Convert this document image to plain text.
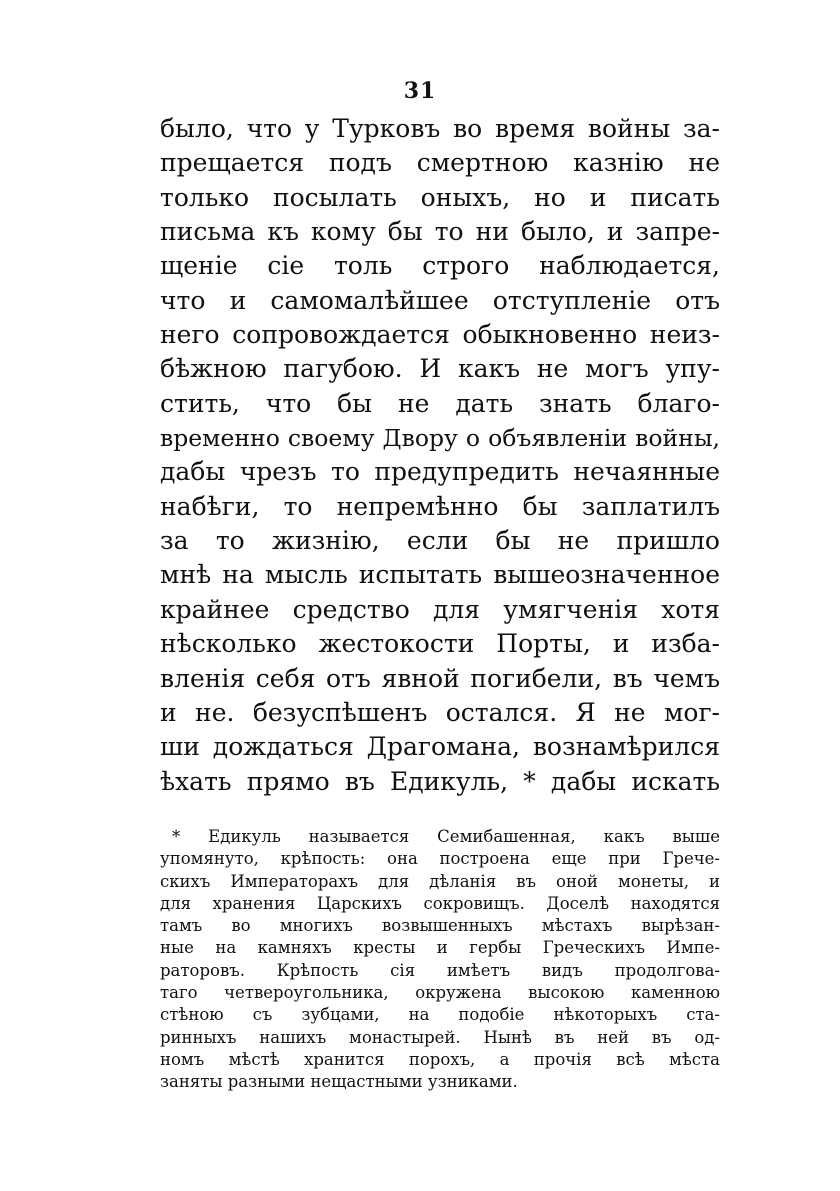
31
было, что у Турковъ во время войны за-
прещается подъ смертною казнію не
только посылать оныхъ, но и писать
письма къ кому бы то ни было, и запре-
щеніе сіе толь строго наблюдается,
что и самомалѣйшее отступленіе отъ
него сопровождается обыкновенно неиз-
бѣжною пагубою. И какъ не могъ упу-
стить, что бы не дать знать благо-
временно своему Двору о объявленіи войны,
дабы чрезъ то предупредить нечаянные
набѣги, то непремѣнно бы заплатилъ
за то жизнію, если бы не пришло
мнѣ на мысль испытать вышеозначенное
крайнее средство для умягченія хотя
нѣсколько жестокости Порты, и изба-
вленія себя отъ явной погибели, въ чемъ
и не. безуспѣшенъ остался. Я не мог-
ши дождаться Драгомана, вознамѣрился
ѣхать прямо въ Едикуль, * дабы искать
* Едикуль называется Семибашенная, какъ выше
упомянуто, крѣпость: она построена еще при Грече-
скихъ Императорахъ для дѣланія въ оной монеты, и
для хранения Царскихъ сокровищъ. Доселѣ находятся
тамъ во многихъ возвышенныхъ мѣстахъ вырѣзан-
ные на камняхъ кресты и гербы Греческихъ Импе-
раторовъ. Крѣпость сія имѣетъ видъ продолгова-
таго четвероугольника, окружена высокою каменною
стѣною съ зубцами, на подобіе нѣкоторыхъ ста-
ринныхъ нашихъ монастырей. Нынѣ въ ней въ од-
номъ мѣстѣ хранится порохъ, а прочія всѣ мѣста
заняты разными нещастными узниками.
